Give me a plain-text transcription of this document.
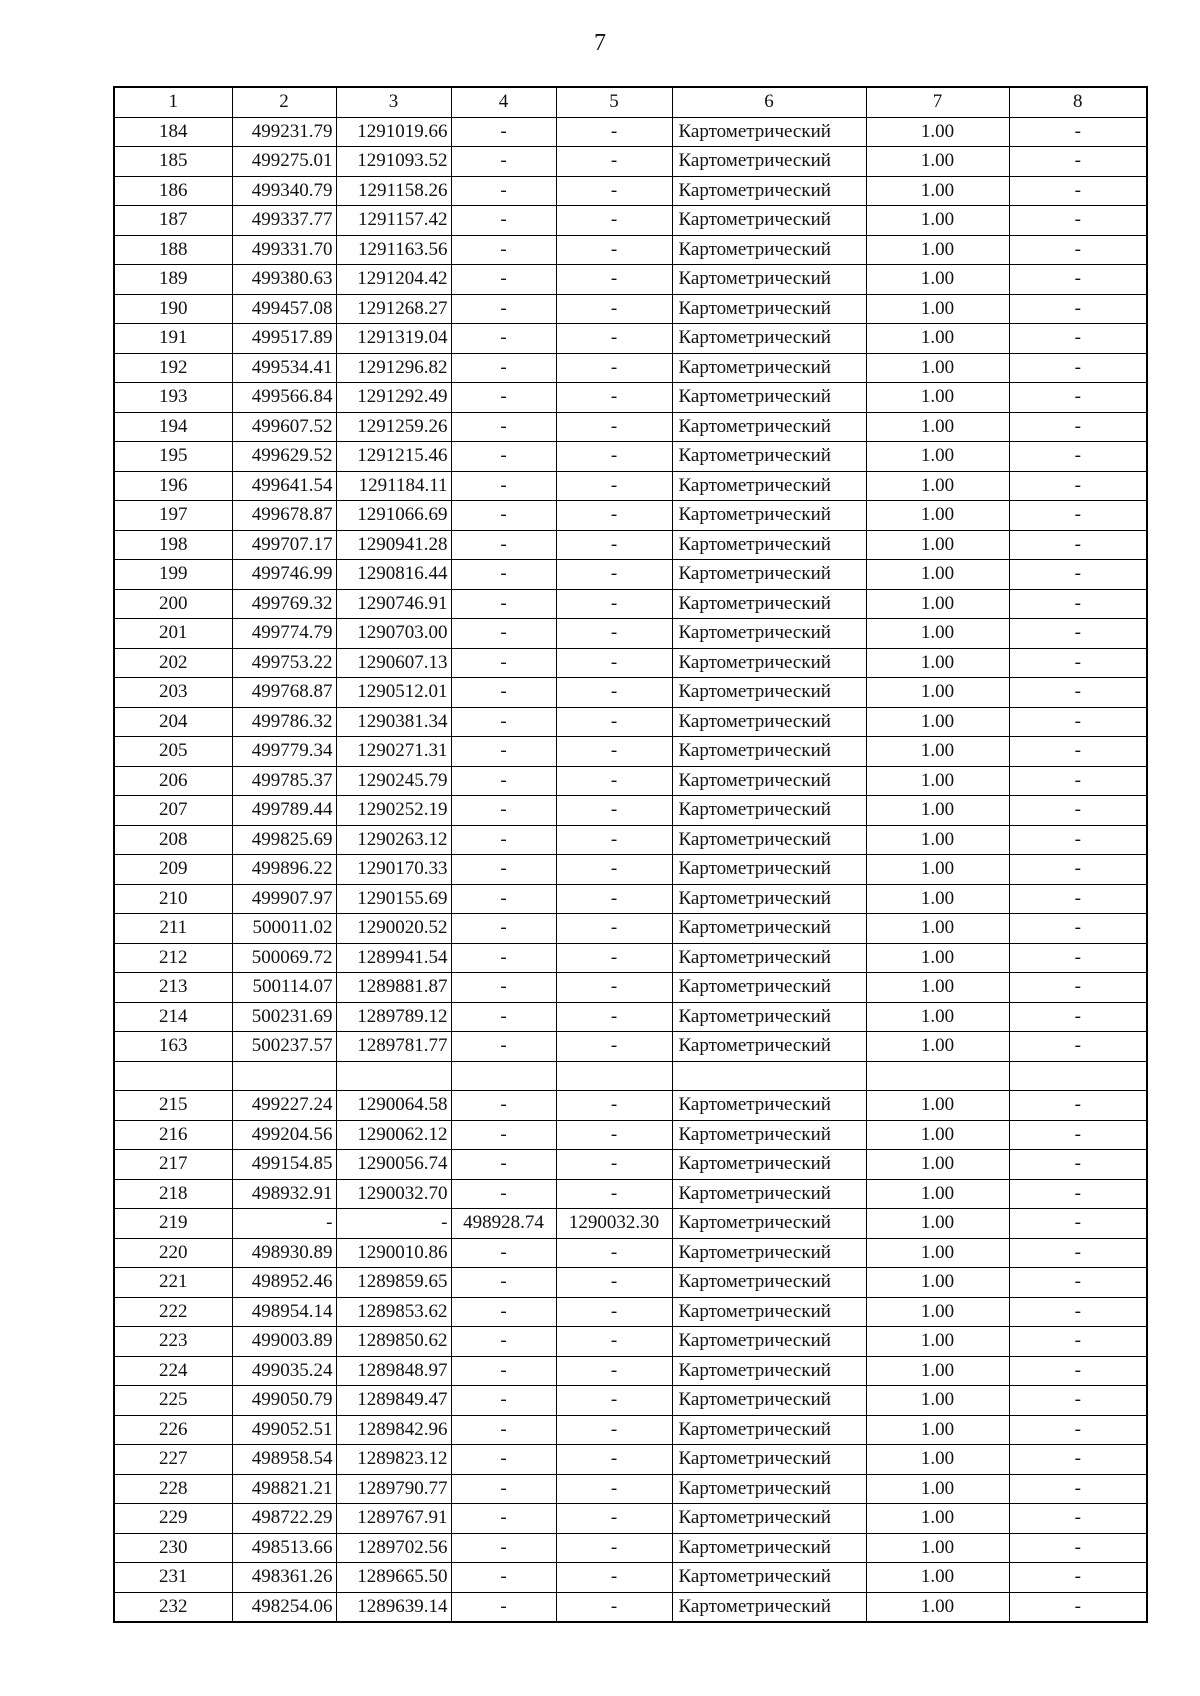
7
1	2	3	4	5	6	7	8
184	499231.79	1291019.66	-	-	Картометрический	1.00	-
185	499275.01	1291093.52	-	-	Картометрический	1.00	-
186	499340.79	1291158.26	-	-	Картометрический	1.00	-
187	499337.77	1291157.42	-	-	Картометрический	1.00	-
188	499331.70	1291163.56	-	-	Картометрический	1.00	-
189	499380.63	1291204.42	-	-	Картометрический	1.00	-
190	499457.08	1291268.27	-	-	Картометрический	1.00	-
191	499517.89	1291319.04	-	-	Картометрический	1.00	-
192	499534.41	1291296.82	-	-	Картометрический	1.00	-
193	499566.84	1291292.49	-	-	Картометрический	1.00	-
194	499607.52	1291259.26	-	-	Картометрический	1.00	-
195	499629.52	1291215.46	-	-	Картометрический	1.00	-
196	499641.54	1291184.11	-	-	Картометрический	1.00	-
197	499678.87	1291066.69	-	-	Картометрический	1.00	-
198	499707.17	1290941.28	-	-	Картометрический	1.00	-
199	499746.99	1290816.44	-	-	Картометрический	1.00	-
200	499769.32	1290746.91	-	-	Картометрический	1.00	-
201	499774.79	1290703.00	-	-	Картометрический	1.00	-
202	499753.22	1290607.13	-	-	Картометрический	1.00	-
203	499768.87	1290512.01	-	-	Картометрический	1.00	-
204	499786.32	1290381.34	-	-	Картометрический	1.00	-
205	499779.34	1290271.31	-	-	Картометрический	1.00	-
206	499785.37	1290245.79	-	-	Картометрический	1.00	-
207	499789.44	1290252.19	-	-	Картометрический	1.00	-
208	499825.69	1290263.12	-	-	Картометрический	1.00	-
209	499896.22	1290170.33	-	-	Картометрический	1.00	-
210	499907.97	1290155.69	-	-	Картометрический	1.00	-
211	500011.02	1290020.52	-	-	Картометрический	1.00	-
212	500069.72	1289941.54	-	-	Картометрический	1.00	-
213	500114.07	1289881.87	-	-	Картометрический	1.00	-
214	500231.69	1289789.12	-	-	Картометрический	1.00	-
163	500237.57	1289781.77	-	-	Картометрический	1.00	-

215	499227.24	1290064.58	-	-	Картометрический	1.00	-
216	499204.56	1290062.12	-	-	Картометрический	1.00	-
217	499154.85	1290056.74	-	-	Картометрический	1.00	-
218	498932.91	1290032.70	-	-	Картометрический	1.00	-
219	-	-	498928.74	1290032.30	Картометрический	1.00	-
220	498930.89	1290010.86	-	-	Картометрический	1.00	-
221	498952.46	1289859.65	-	-	Картометрический	1.00	-
222	498954.14	1289853.62	-	-	Картометрический	1.00	-
223	499003.89	1289850.62	-	-	Картометрический	1.00	-
224	499035.24	1289848.97	-	-	Картометрический	1.00	-
225	499050.79	1289849.47	-	-	Картометрический	1.00	-
226	499052.51	1289842.96	-	-	Картометрический	1.00	-
227	498958.54	1289823.12	-	-	Картометрический	1.00	-
228	498821.21	1289790.77	-	-	Картометрический	1.00	-
229	498722.29	1289767.91	-	-	Картометрический	1.00	-
230	498513.66	1289702.56	-	-	Картометрический	1.00	-
231	498361.26	1289665.50	-	-	Картометрический	1.00	-
232	498254.06	1289639.14	-	-	Картометрический	1.00	-
